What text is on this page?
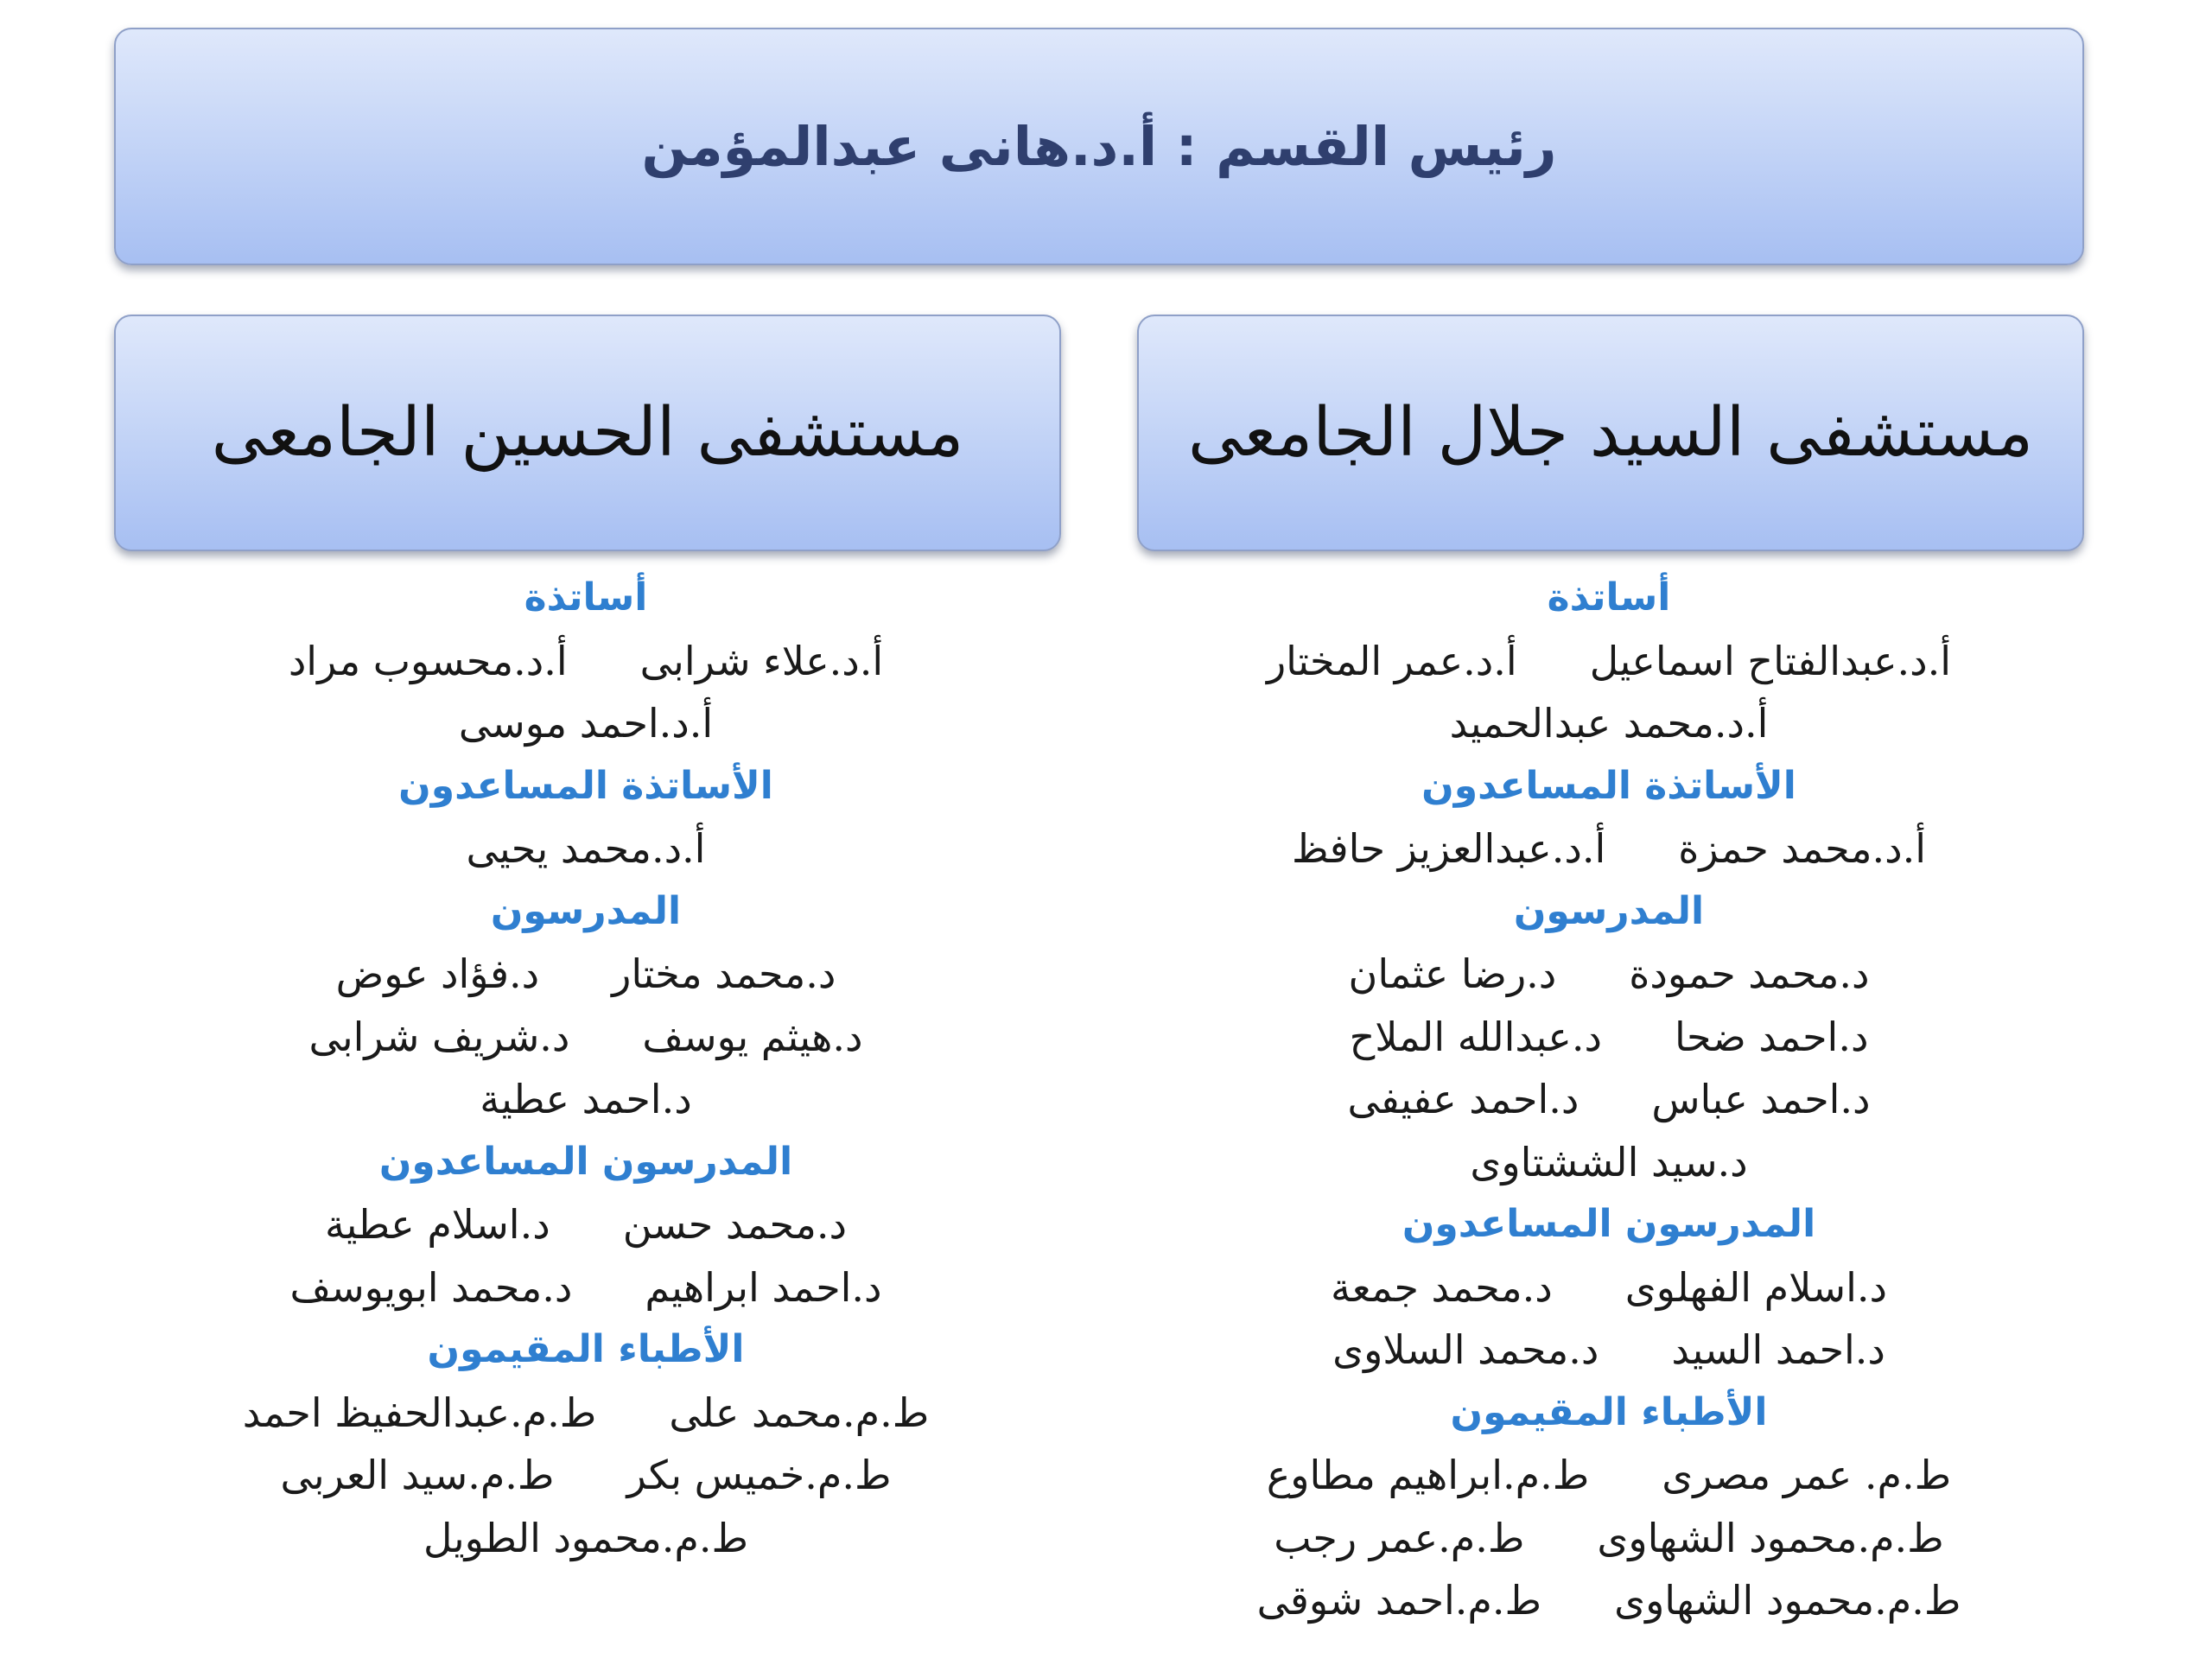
رئيس القسم : أ.د.هانى عبدالمؤمن
مستشفى السيد جلال الجامعى
مستشفى الحسين الجامعى
أساتذة
أ.د.عبدالفتاح اسماعيلأ.د.عمر المختار
أ.د.محمد عبدالحميد
الأساتذة المساعدون
أ.د.محمد حمزةأ.د.عبدالعزيز حافظ
المدرسون
د.محمد حمودةد.رضا عثمان
د.احمد ضحاد.عبدالله الملاح
د.احمد عباسد.احمد عفيفى
د.سيد الششتاوى
المدرسون المساعدون
د.اسلام الفهلوىد.محمد جمعة
د.احمد السيدد.محمد السلاوى
الأطباء المقيمون
ط.م. عمر مصرىط.م.ابراهيم مطاوع
ط.م.محمود الشهاوىط.م.عمر رجب
ط.م.محمود الشهاوىط.م.احمد شوقى
أساتذة
أ.د.علاء شرابىأ.د.محسوب مراد
أ.د.احمد موسى
الأساتذة المساعدون
أ.د.محمد يحيى
المدرسون
د.محمد مختارد.فؤاد عوض
د.هيثم يوسفد.شريف شرابى
د.احمد عطية
المدرسون المساعدون
د.محمد حسند.اسلام عطية
د.احمد ابراهيمد.محمد ابويوسف
الأطباء المقيمون
ط.م.محمد علىط.م.عبدالحفيظ احمد
ط.م.خميس بكرط.م.سيد العربى
ط.م.محمود الطويل
